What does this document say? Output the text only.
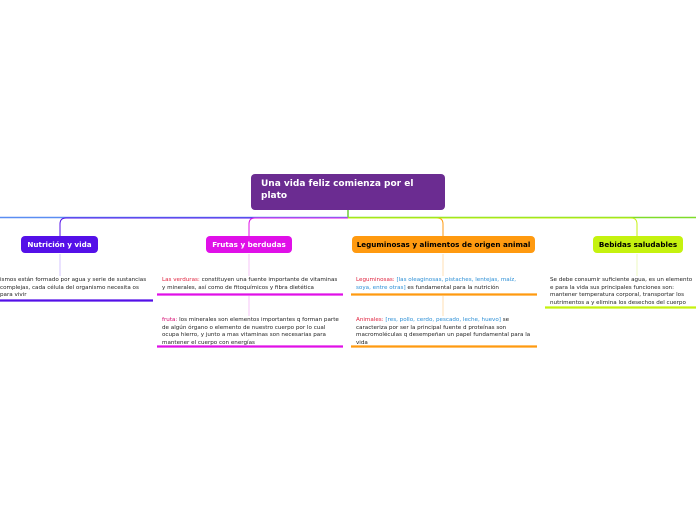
Una vida feliz comienza por el plato
Nutrición y vida	Frutas y berdudas	Leguminosas y alimentos de origen animal	Bebidas saludables
ismos están formado por agua y serie de sustancias complejas, cada célula del organismo necesita os para vivir
Las verduras: constituyen una fuente importante de vitaminas y minerales, así como de fitoquímicos y fibra dietética
fruta: los minerales son elementos importantes q forman parte de algún órgano o elemento de nuestro cuerpo por lo cual ocupa hierro, y junto a mas vitaminas son necesarias para mantener el cuerpo con energías
Leguminosas: [las oleaginosas, pistaches, lentejas, maíz, soya, entre otras] es fundamental para la nutrición
Animales: [res, pollo, cerdo, pescado, leche, huevo] se caracteriza por ser la principal fuente d proteínas son macromoléculas q desempeñan un papel fundamental para la vida
Se debe consumir suficiente agua, es un elemento e para la vida sus principales funciones son: mantener temperatura corporal, transportar los nutrimentos a y elimina los desechos del cuerpo
